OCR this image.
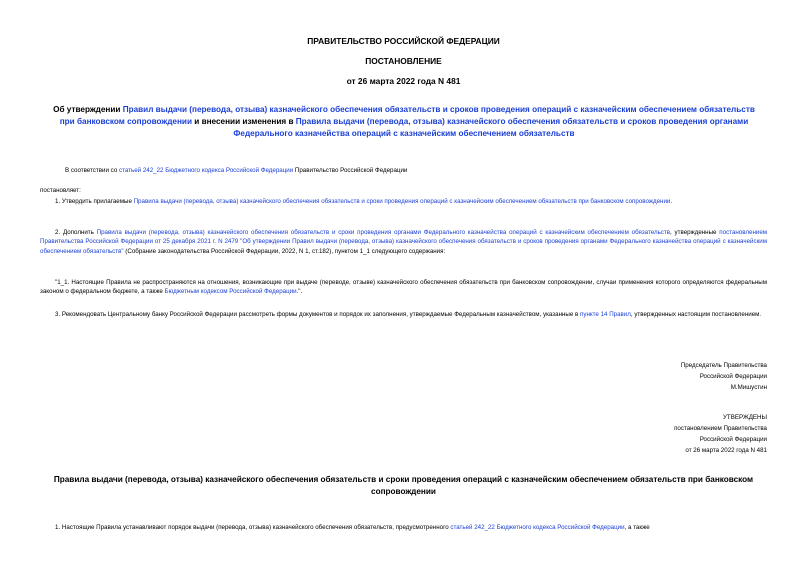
ПРАВИТЕЛЬСТВО РОССИЙСКОЙ ФЕДЕРАЦИИ
ПОСТАНОВЛЕНИЕ
от 26 марта 2022 года N 481
Об утверждении Правил выдачи (перевода, отзыва) казначейского обеспечения обязательств и сроков проведения операций с казначейским обеспечением обязательств при банковском сопровождении и внесении изменения в Правила выдачи (перевода, отзыва) казначейского обеспечения обязательств и сроков проведения органами Федерального казначейства операций с казначейским обеспечением обязательств
В соответствии со статьей 242_22 Бюджетного кодекса Российской Федерации Правительство Российской Федерации
постановляет:
1. Утвердить прилагаемые Правила выдачи (перевода, отзыва) казначейского обеспечения обязательств и сроки проведения операций с казначейским обеспечением обязательств при банковском сопровождении.
2. Дополнить Правила выдачи (перевода, отзыва) казначейского обеспечения обязательств и сроки проведения органами Федерального казначейства операций с казначейским обеспечением обязательств, утвержденные постановлением Правительства Российской Федерации от 25 декабря 2021 г. N 2479 "Об утверждении Правил выдачи (перевода, отзыва) казначейского обеспечения обязательств и сроков проведения органами Федерального казначейства операций с казначейским обеспечением обязательств" (Собрание законодательства Российской Федерации, 2022, N 1, ст.182), пунктом 1_1 следующего содержания:
"1_1. Настоящие Правила не распространяются на отношения, возникающие при выдаче (переводе, отзыве) казначейского обеспечения обязательств при банковском сопровождении, случаи применения которого определяются федеральным законом о федеральном бюджете, а также Бюджетным кодексом Российской Федерации.".
3. Рекомендовать Центральному банку Российской Федерации рассмотреть формы документов и порядок их заполнения, утверждаемые Федеральным казначейством, указанные в пункте 14 Правил, утвержденных настоящим постановлением.
Председатель Правительства
Российской Федерации
М.Мишустин
УТВЕРЖДЕНЫ
постановлением Правительства
Российской Федерации
от 26 марта 2022 года N 481
Правила выдачи (перевода, отзыва) казначейского обеспечения обязательств и сроки проведения операций с казначейским обеспечением обязательств при банковском сопровождении
1. Настоящие Правила устанавливают порядок выдачи (перевода, отзыва) казначейского обеспечения обязательств, предусмотренного статьей 242_22 Бюджетного кодекса Российской Федерации, а также
